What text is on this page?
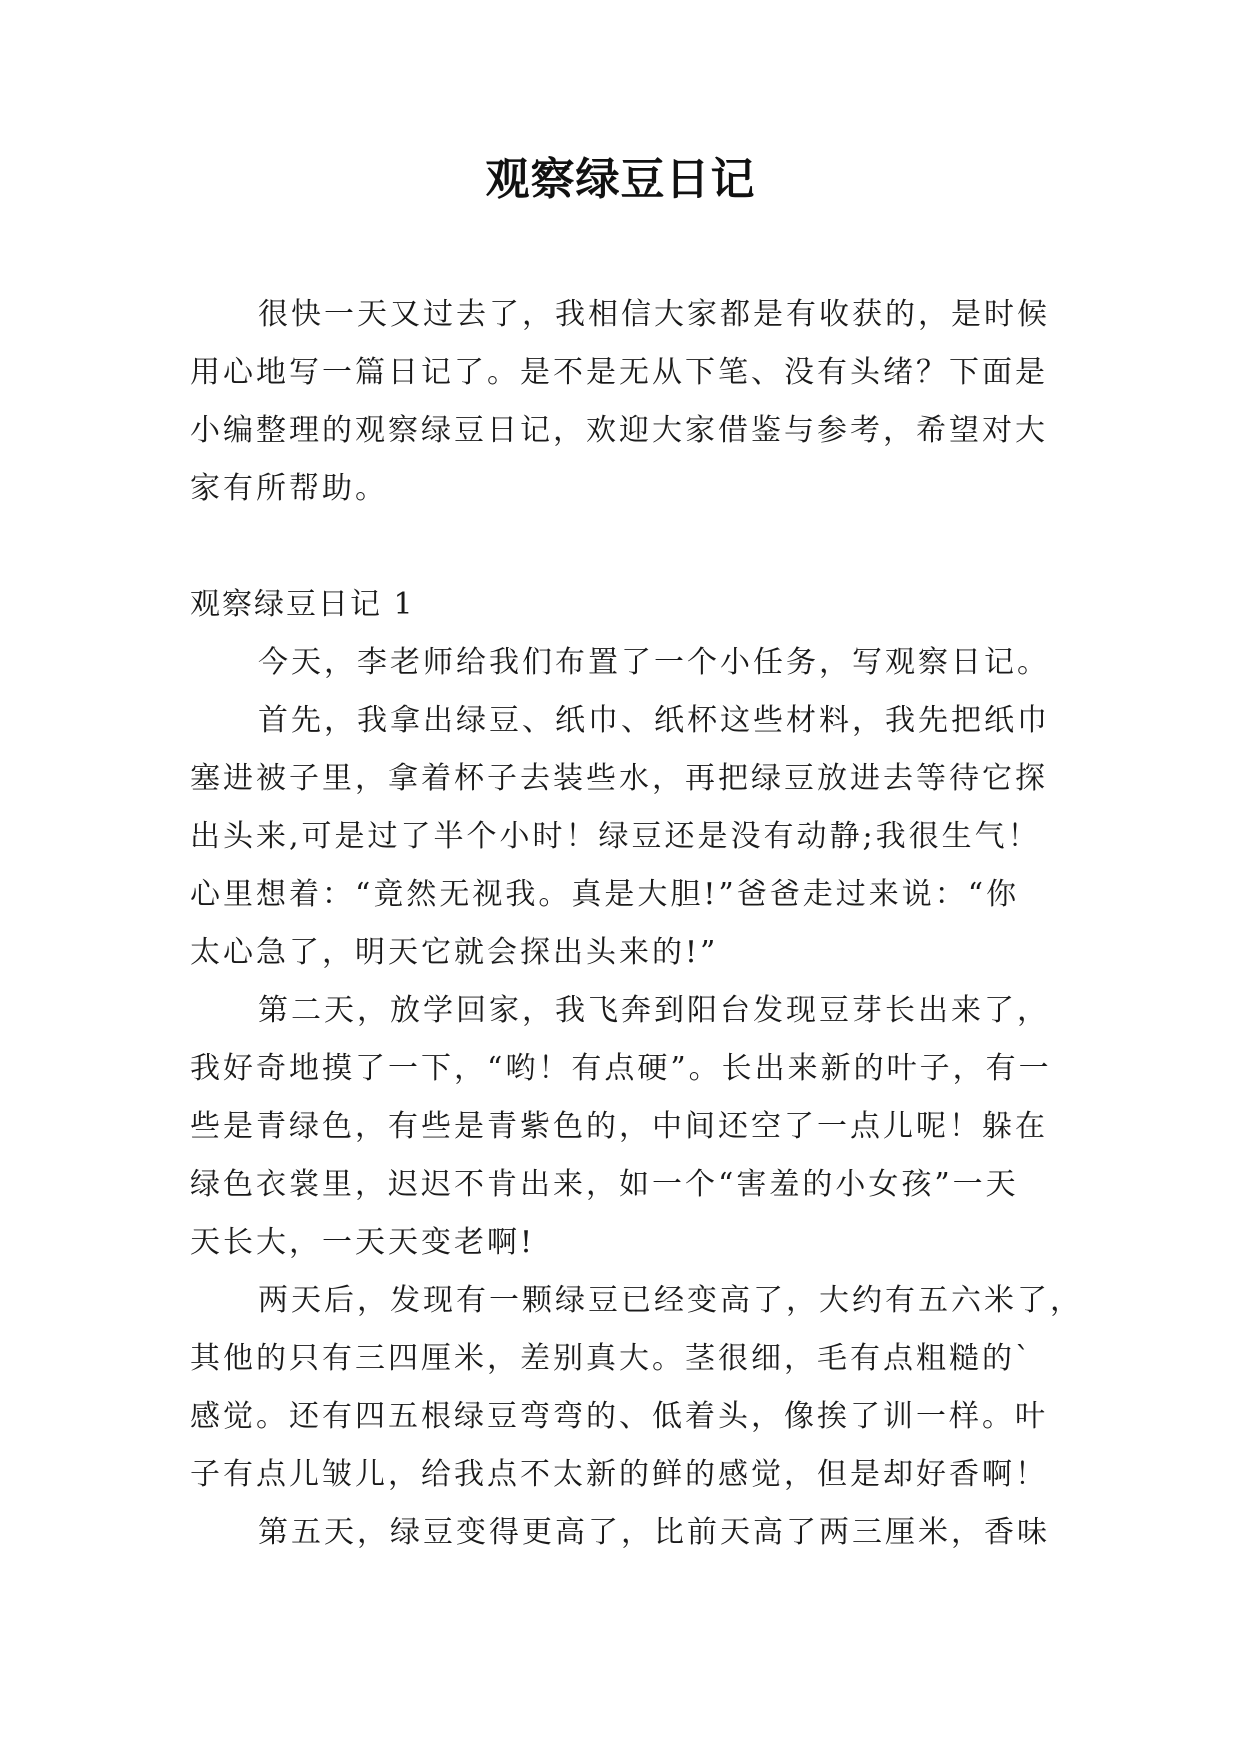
观察绿豆日记
很快一天又过去了，我相信大家都是有收获的，是时候
用心地写一篇日记了。是不是无从下笔、没有头绪？下面是
小编整理的观察绿豆日记，欢迎大家借鉴与参考，希望对大
家有所帮助。
观察绿豆日记 1
今天，李老师给我们布置了一个小任务，写观察日记。
首先，我拿出绿豆、纸巾、纸杯这些材料，我先把纸巾
塞进被子里，拿着杯子去装些水，再把绿豆放进去等待它探
出头来,可是过了半个小时！绿豆还是没有动静;我很生气！
心里想着：“竟然无视我。真是大胆!”爸爸走过来说：“你
太心急了，明天它就会探出头来的!”
第二天，放学回家，我飞奔到阳台发现豆芽长出来了，
我好奇地摸了一下，“哟！有点硬”。长出来新的叶子，有一
些是青绿色，有些是青紫色的，中间还空了一点儿呢！躲在
绿色衣裳里，迟迟不肯出来，如一个“害羞的小女孩”一天
天长大，一天天变老啊!
两天后，发现有一颗绿豆已经变高了，大约有五六米了，
其他的只有三四厘米，差别真大。茎很细，毛有点粗糙的`
感觉。还有四五根绿豆弯弯的、低着头，像挨了训一样。叶
子有点儿皱儿，给我点不太新的鲜的感觉，但是却好香啊！
第五天，绿豆变得更高了，比前天高了两三厘米，香味
